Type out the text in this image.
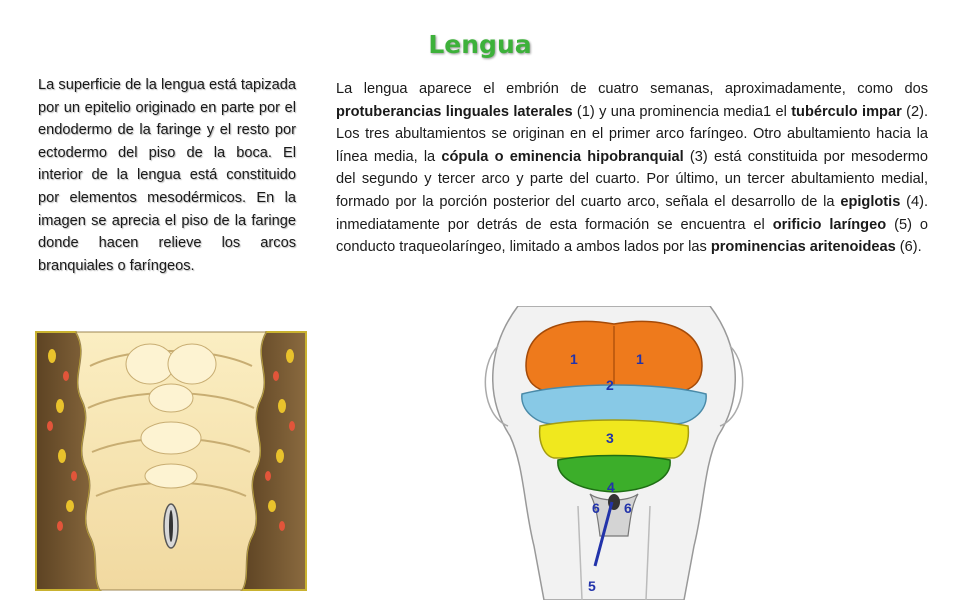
Lengua
La superficie de la lengua está tapizada por un epitelio originado en parte por el endodermo de la faringe y el resto por ectodermo del piso de la boca. El interior de la lengua está constituido por elementos mesodérmicos. En la imagen se aprecia el piso de la faringe donde hacen relieve los arcos branquiales o faríngeos.
La lengua aparece el embrión de cuatro semanas, aproximadamente, como dos protuberancias linguales laterales (1) y una prominencia media1 el tubérculo impar (2). Los tres abultamientos se originan en el primer arco faríngeo. Otro abultamiento hacia la línea media, la cópula o eminencia hipobranquial (3) está constituida por mesodermo del segundo y tercer arco y parte del cuarto. Por último, un tercer abultamiento medial, formado por la porción posterior del cuarto arco, señala el desarrollo de la epiglotis (4). inmediatamente por detrás de esta formación se encuentra el orificio laríngeo (5) o conducto traqueolaríngeo, limitado a ambos lados por las prominencias aritenoideas (6).
1	1
2
3
4
6 6
5
